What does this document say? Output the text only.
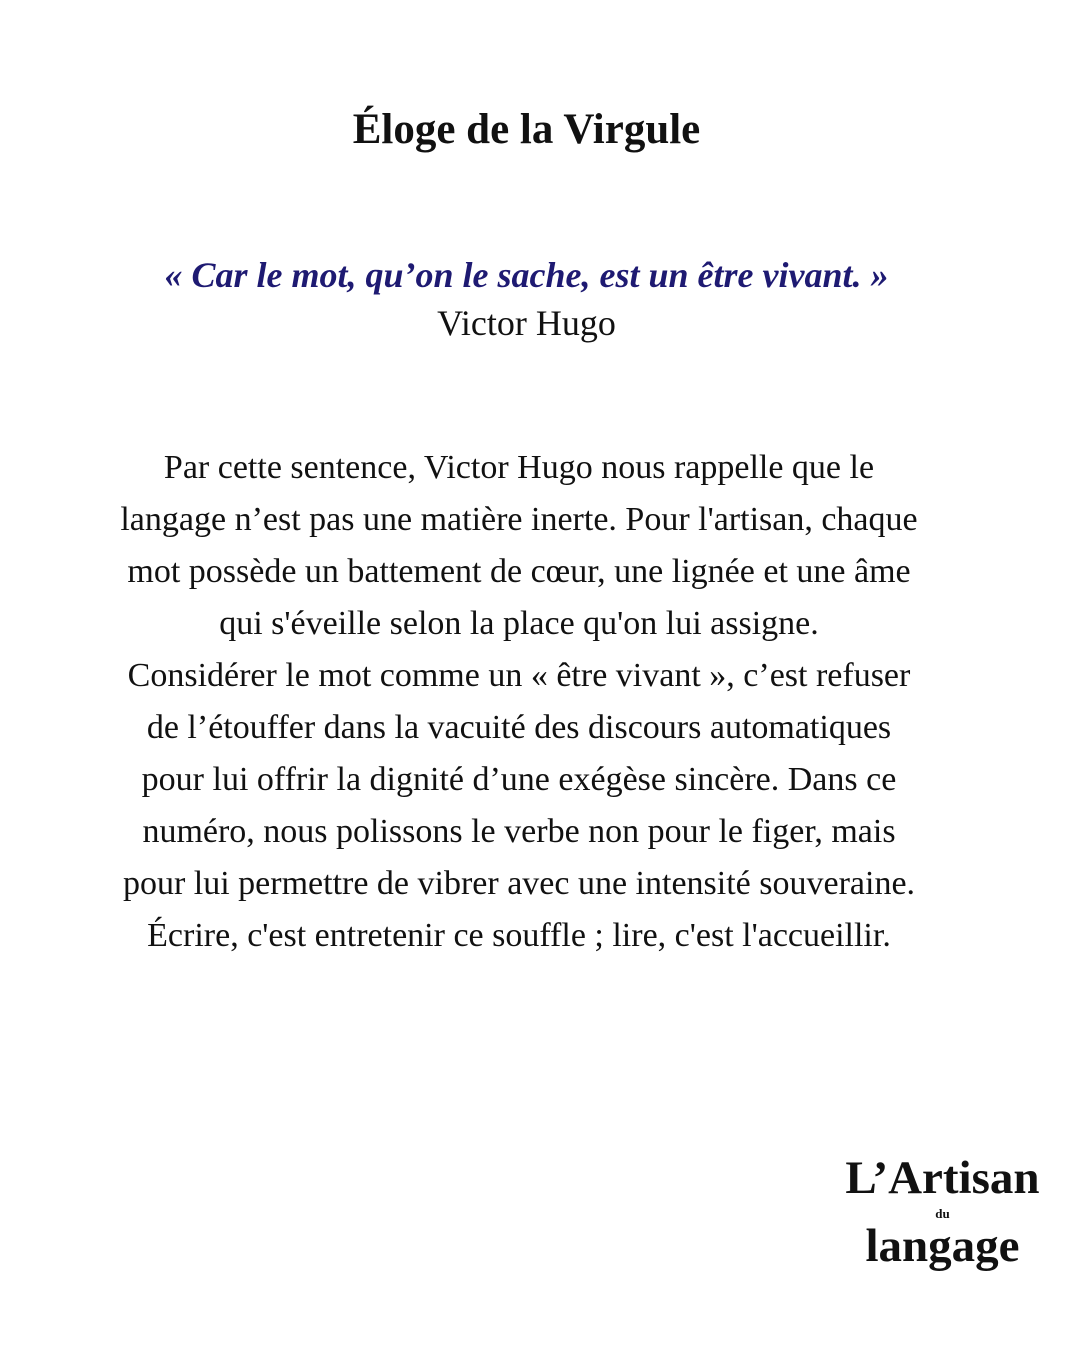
Éloge de la Virgule
« Car le mot, qu’on le sache, est un être vivant. »
Victor Hugo

Par cette sentence, Victor Hugo nous rappelle que le langage n’est pas une matière inerte. Pour l'artisan, chaque mot possède un battement de cœur, une lignée et une âme qui s'éveille selon la place qu'on lui assigne.

Considérer le mot comme un « être vivant », c’est refuser de l’étouffer dans la vacuité des discours automatiques pour lui offrir la dignité d’une exégèse sincère. Dans ce numéro, nous polissons le verbe non pour le figer, mais pour lui permettre de vibrer avec une intensité souveraine. Écrire, c'est entretenir ce souffle ; lire, c'est l'accueillir.

L’Artisan
du
langage
